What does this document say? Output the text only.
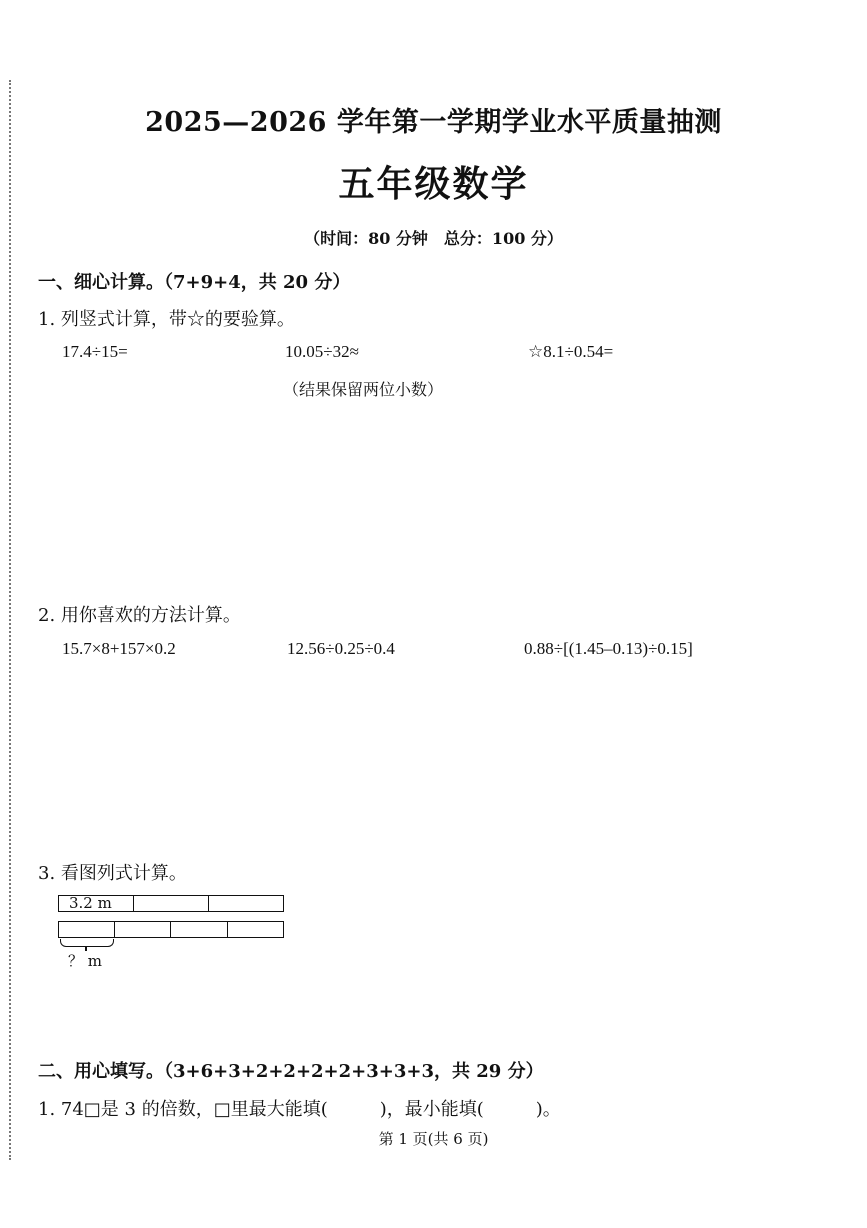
2025—2026 学年第一学期学业水平质量抽测
五年级数学
（时间：80 分钟　总分：100 分）
一、细心计算。（7+9+4，共 20 分）
1. 列竖式计算，带☆的要验算。
17.4÷15=	10.05÷32≈	☆8.1÷0.54=
（结果保留两位小数）
2. 用你喜欢的方法计算。
15.7×8+157×0.2	12.56÷0.25÷0.4	0.88÷[(1.45–0.13)÷0.15]
3. 看图列式计算。
3.2 m
？ m
二、用心填写。（3+6+3+2+2+2+2+3+3+3，共 29 分）
1. 74□是 3 的倍数，□里最大能填(	)，最小能填(	)。
第 1 页(共 6 页)
